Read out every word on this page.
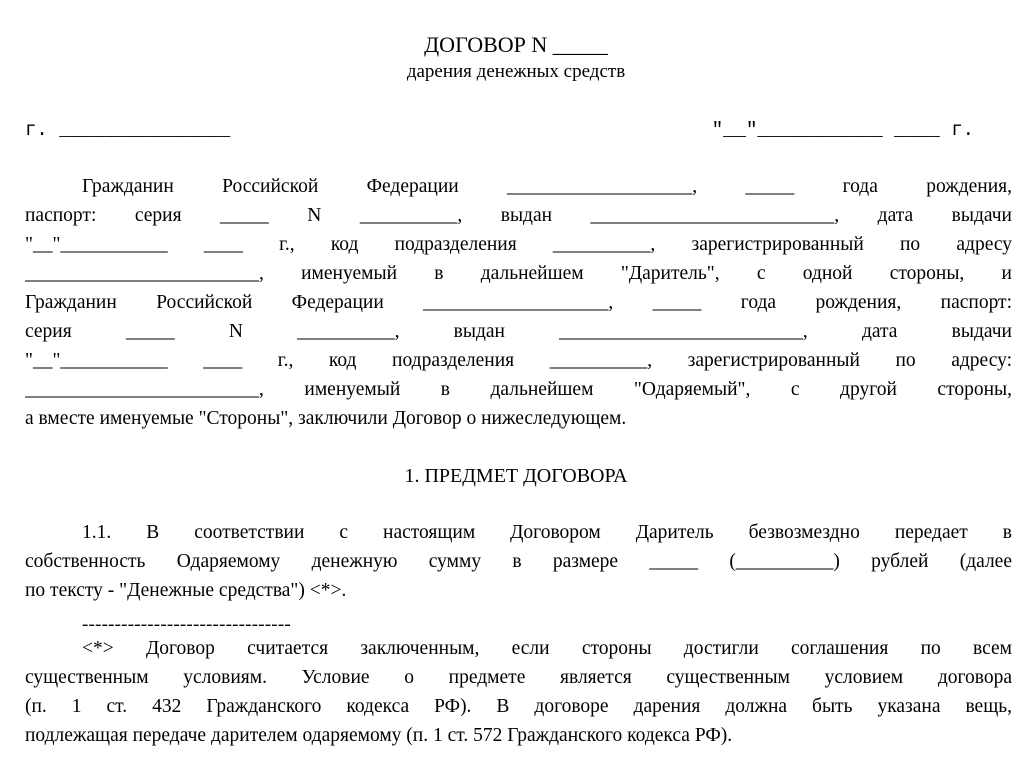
ДОГОВОР N _____
дарения денежных средств
г. _______________	"__"___________ ____ г.
Гражданин Российской Федерации ___________________, _____ года рождения,
паспорт: серия _____ N __________, выдан _________________________, дата выдачи
"__"___________ ____ г., код подразделения __________, зарегистрированный по адресу
________________________, именуемый в дальнейшем "Даритель", с одной стороны, и
Гражданин Российской Федерации ___________________, _____ года рождения, паспорт:
серия _____ N __________, выдан _________________________, дата выдачи
"__"___________ ____ г., код подразделения __________, зарегистрированный по адресу:
________________________, именуемый в дальнейшем "Одаряемый", с другой стороны,
а вместе именуемые "Стороны", заключили Договор о нижеследующем.
1. ПРЕДМЕТ ДОГОВОРА
1.1. В соответствии с настоящим Договором Даритель безвозмездно передает в
собственность Одаряемому денежную сумму в размере _____ (__________) рублей (далее
по тексту - "Денежные средства") <*>.
--------------------------------
<*> Договор считается заключенным, если стороны достигли соглашения по всем
существенным условиям. Условие о предмете является существенным условием договора
(п. 1 ст. 432 Гражданского кодекса РФ). В договоре дарения должна быть указана вещь,
подлежащая передаче дарителем одаряемому (п. 1 ст. 572 Гражданского кодекса РФ).
